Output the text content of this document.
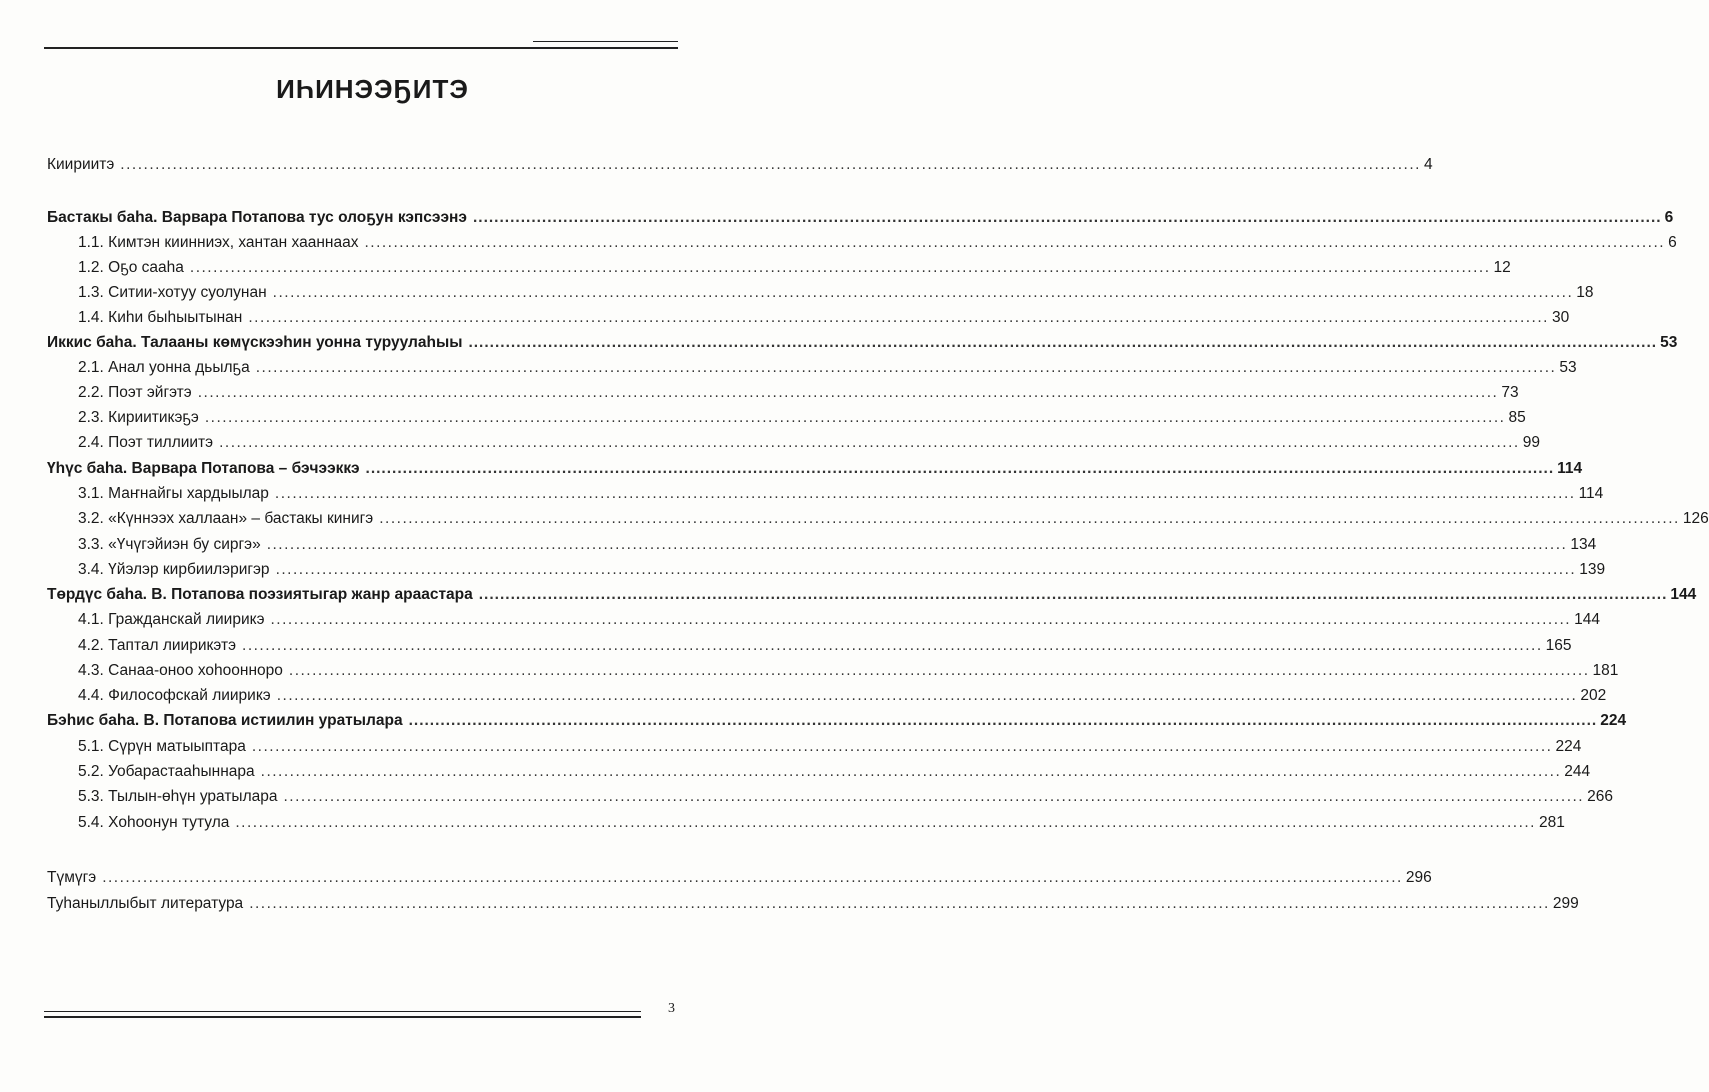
ИҺИНЭЭҔИТЭ
Киириитэ ................................................................................................................................................................................................................................ 4
Бастакы баһа. Варвара Потапова тус олоҕун кэпсээнэ ................................................................................................................................................................................................................................ 6
1.1. Кимтэн киинниэх, хантан хааннаах ................................................................................................................................................................................................................................ 6
1.2. Оҕо сааһа ................................................................................................................................................................................................................................ 12
1.3. Ситии-хотуу суолунан ................................................................................................................................................................................................................................ 18
1.4. Киһи быһыытынан ................................................................................................................................................................................................................................ 30
Иккис баһа. Талааны көмүскээһин уонна туруулаһыы ................................................................................................................................................................................................................................ 53
2.1. Анал уонна дьылҕа ................................................................................................................................................................................................................................ 53
2.2. Поэт эйгэтэ ................................................................................................................................................................................................................................ 73
2.3. Кириитикэҕэ ................................................................................................................................................................................................................................ 85
2.4. Поэт тиллиитэ ................................................................................................................................................................................................................................ 99
Үһүс баһа. Варвара Потапова – бэчээккэ ................................................................................................................................................................................................................................ 114
3.1. Маҥнайгы хардыылар ................................................................................................................................................................................................................................ 114
3.2. «Күннээх халлаан» – бастакы кинигэ ................................................................................................................................................................................................................................ 126
3.3. «Үчүгэйиэн бу сиргэ» ................................................................................................................................................................................................................................ 134
3.4. Үйэлэр кирбиилэригэр ................................................................................................................................................................................................................................ 139
Төрдүс баһа. В. Потапова поэзиятыгар жанр араастара ................................................................................................................................................................................................................................ 144
4.1. Гражданскай лиирикэ ................................................................................................................................................................................................................................ 144
4.2. Таптал лиирикэтэ ................................................................................................................................................................................................................................ 165
4.3. Санаа-оноо хоһоонноро ................................................................................................................................................................................................................................ 181
4.4. Философскай лиирикэ ................................................................................................................................................................................................................................ 202
Бэһис баһа. В. Потапова истиилин уратылара ................................................................................................................................................................................................................................ 224
5.1. Сүрүн матыыптара ................................................................................................................................................................................................................................ 224
5.2. Уобарастааһыннара ................................................................................................................................................................................................................................ 244
5.3. Тылын-өһүн уратылара ................................................................................................................................................................................................................................ 266
5.4. Хоһоонун тутула ................................................................................................................................................................................................................................ 281
Түмүгэ ................................................................................................................................................................................................................................ 296
Туһаныллыбыт литература ................................................................................................................................................................................................................................ 299
3
